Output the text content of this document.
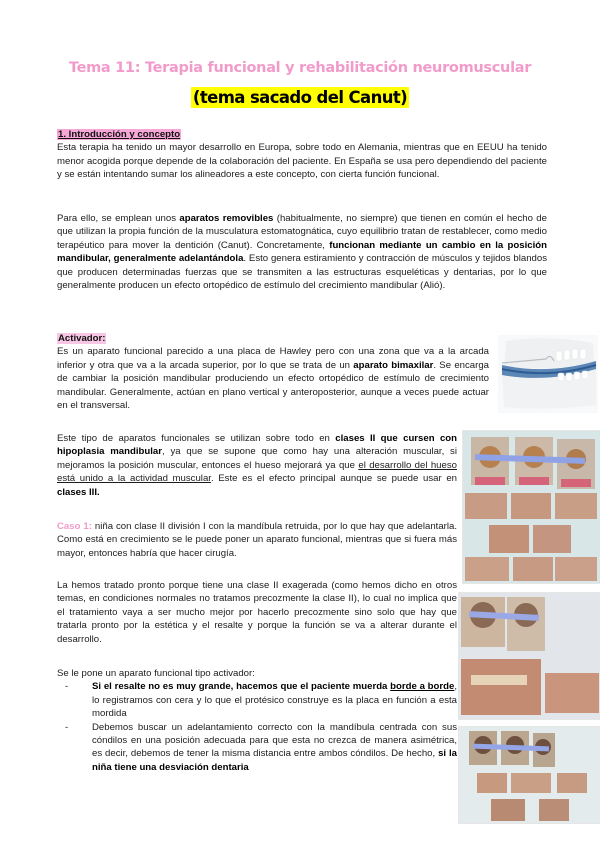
Tema 11: Terapia funcional y rehabilitación neuromuscular
(tema sacado del Canut)
1. Introducción y concepto
Esta terapia ha tenido un mayor desarrollo en Europa, sobre todo en Alemania, mientras que en EEUU ha tenido menor acogida porque depende de la colaboración del paciente. En España se usa pero dependiendo del paciente y se están intentando sumar los alineadores a este concepto, con cierta función funcional.
Para ello, se emplean unos aparatos removibles (habitualmente, no siempre) que tienen en común el hecho de que utilizan la propia función de la musculatura estomatognática, cuyo equilibrio tratan de restablecer, como medio terapéutico para mover la dentición (Canut). Concretamente, funcionan mediante un cambio en la posición mandibular, generalmente adelantándola. Esto genera estiramiento y contracción de músculos y tejidos blandos que producen determinadas fuerzas que se transmiten a las estructuras esqueléticas y dentarias, por lo que generalmente producen un efecto ortopédico de estímulo del crecimiento mandibular (Alió).
Activador:
Es un aparato funcional parecido a una placa de Hawley pero con una zona que va a la arcada inferior y otra que va a la arcada superior, por lo que se trata de un aparato bimaxilar. Se encarga de cambiar la posición mandibular produciendo un efecto ortopédico de estímulo de crecimiento mandibular. Generalmente, actúan en plano vertical y anteroposterior, aunque a veces puede actuar en el transversal.
Este tipo de aparatos funcionales se utilizan sobre todo en clases II que cursen con hipoplasia mandibular, ya que se supone que como hay una alteración muscular, si mejoramos la posición muscular, entonces el hueso mejorará ya que el desarrollo del hueso está unido a la actividad muscular. Este es el efecto principal aunque se puede usar en clases III.
Caso 1: niña con clase II división I con la mandíbula retruida, por lo que hay que adelantarla. Como está en crecimiento se le puede poner un aparato funcional, mientras que si fuera más mayor, entonces habría que hacer cirugía.
La hemos tratado pronto porque tiene una clase II exagerada (como hemos dicho en otros temas, en condiciones normales no tratamos precozmente la clase II), lo cual no implica que el tratamiento vaya a ser mucho mejor por hacerlo precozmente sino solo que hay que tratarla pronto por la estética y el resalte y porque la función se va a alterar durante el desarrollo.
Se le pone un aparato funcional tipo activador:
- Si el resalte no es muy grande, hacemos que el paciente muerda borde a borde, lo registramos con cera y lo que el protésico construye es la placa en función a esta mordida
- Debemos buscar un adelantamiento correcto con la mandíbula centrada con sus cóndilos en una posición adecuada para que esta no crezca de manera asimétrica, es decir, debemos de tener la misma distancia entre ambos cóndilos. De hecho, si la niña tiene una desviación dentaria
